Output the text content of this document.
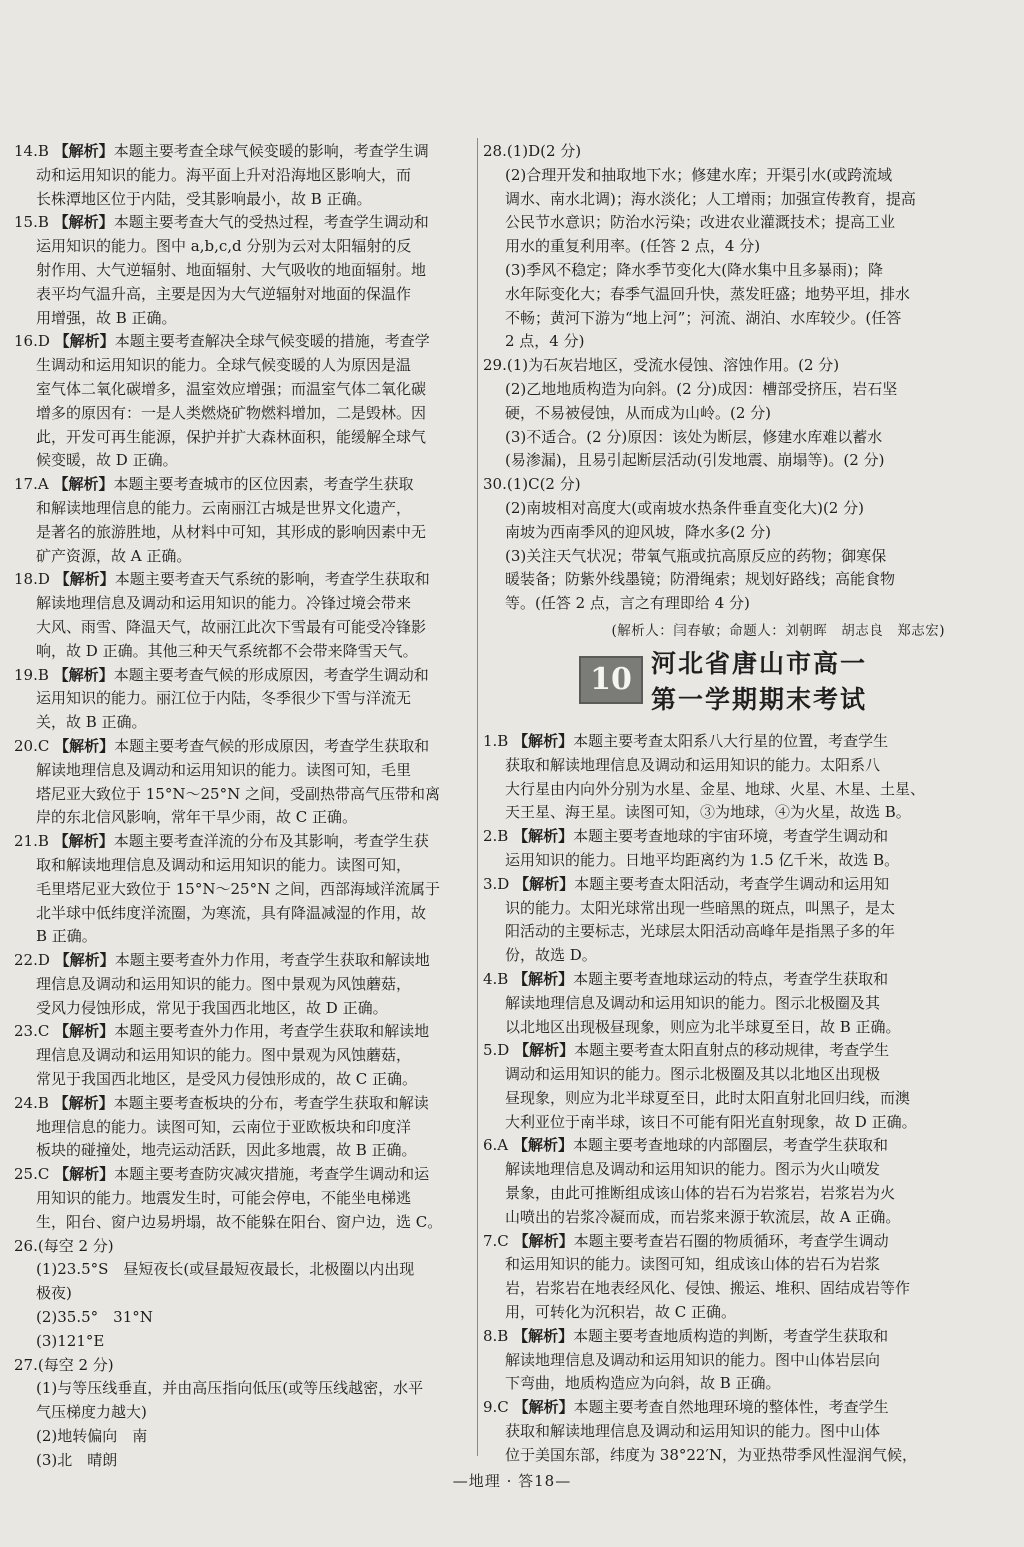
14.B 【解析】本题主要考查全球气候变暖的影响，考查学生调

动和运用知识的能力。海平面上升对沿海地区影响大，而

长株潭地区位于内陆，受其影响最小，故 B 正确。

15.B 【解析】本题主要考查大气的受热过程，考查学生调动和

运用知识的能力。图中 a,b,c,d 分别为云对太阳辐射的反

射作用、大气逆辐射、地面辐射、大气吸收的地面辐射。地

表平均气温升高，主要是因为大气逆辐射对地面的保温作

用增强，故 B 正确。

16.D 【解析】本题主要考查解决全球气候变暖的措施，考查学

生调动和运用知识的能力。全球气候变暖的人为原因是温

室气体二氧化碳增多，温室效应增强；而温室气体二氧化碳

增多的原因有：一是人类燃烧矿物燃料增加，二是毁林。因

此，开发可再生能源，保护并扩大森林面积，能缓解全球气

候变暖，故 D 正确。

17.A 【解析】本题主要考查城市的区位因素，考查学生获取

和解读地理信息的能力。云南丽江古城是世界文化遗产，

是著名的旅游胜地，从材料中可知，其形成的影响因素中无

矿产资源，故 A 正确。

18.D 【解析】本题主要考查天气系统的影响，考查学生获取和

解读地理信息及调动和运用知识的能力。冷锋过境会带来

大风、雨雪、降温天气，故丽江此次下雪最有可能受冷锋影

响，故 D 正确。其他三种天气系统都不会带来降雪天气。

19.B 【解析】本题主要考查气候的形成原因，考查学生调动和

运用知识的能力。丽江位于内陆，冬季很少下雪与洋流无

关，故 B 正确。

20.C 【解析】本题主要考查气候的形成原因，考查学生获取和

解读地理信息及调动和运用知识的能力。读图可知，毛里

塔尼亚大致位于 15°N～25°N 之间，受副热带高气压带和离

岸的东北信风影响，常年干旱少雨，故 C 正确。

21.B 【解析】本题主要考查洋流的分布及其影响，考查学生获

取和解读地理信息及调动和运用知识的能力。读图可知，

毛里塔尼亚大致位于 15°N～25°N 之间，西部海域洋流属于

北半球中低纬度洋流圈，为寒流，具有降温减湿的作用，故

B 正确。

22.D 【解析】本题主要考查外力作用，考查学生获取和解读地

理信息及调动和运用知识的能力。图中景观为风蚀蘑菇，

受风力侵蚀形成，常见于我国西北地区，故 D 正确。

23.C 【解析】本题主要考查外力作用，考查学生获取和解读地

理信息及调动和运用知识的能力。图中景观为风蚀蘑菇，

常见于我国西北地区，是受风力侵蚀形成的，故 C 正确。

24.B 【解析】本题主要考查板块的分布，考查学生获取和解读

地理信息的能力。读图可知，云南位于亚欧板块和印度洋

板块的碰撞处，地壳运动活跃，因此多地震，故 B 正确。

25.C 【解析】本题主要考查防灾减灾措施，考查学生调动和运

用知识的能力。地震发生时，可能会停电，不能坐电梯逃

生，阳台、窗户边易坍塌，故不能躲在阳台、窗户边，选 C。

26.(每空 2 分)

(1)23.5°S　昼短夜长(或昼最短夜最长，北极圈以内出现

极夜)

(2)35.5°　31°N

(3)121°E

27.(每空 2 分)

(1)与等压线垂直，并由高压指向低压(或等压线越密，水平

气压梯度力越大)

(2)地转偏向　南

(3)北　晴朗

28.(1)D(2 分)

(2)合理开发和抽取地下水；修建水库；开渠引水(或跨流域

调水、南水北调)；海水淡化；人工增雨；加强宣传教育，提高

公民节水意识；防治水污染；改进农业灌溉技术；提高工业

用水的重复利用率。(任答 2 点，4 分)

(3)季风不稳定；降水季节变化大(降水集中且多暴雨)；降

水年际变化大；春季气温回升快，蒸发旺盛；地势平坦，排水

不畅；黄河下游为“地上河”；河流、湖泊、水库较少。(任答

2 点，4 分)

29.(1)为石灰岩地区，受流水侵蚀、溶蚀作用。(2 分)

(2)乙地地质构造为向斜。(2 分)成因：槽部受挤压，岩石坚

硬，不易被侵蚀，从而成为山岭。(2 分)

(3)不适合。(2 分)原因：该处为断层，修建水库难以蓄水

(易渗漏)，且易引起断层活动(引发地震、崩塌等)。(2 分)

30.(1)C(2 分)

(2)南坡相对高度大(或南坡水热条件垂直变化大)(2 分)

南坡为西南季风的迎风坡，降水多(2 分)

(3)关注天气状况；带氧气瓶或抗高原反应的药物；御寒保

暖装备；防紫外线墨镜；防滑绳索；规划好路线；高能食物

等。(任答 2 点，言之有理即给 4 分)

(解析人：闫春敏；命题人：刘朝晖　胡志良　郑志宏)

10 河北省唐山市高一
第一学期期末考试

1.B 【解析】本题主要考查太阳系八大行星的位置，考查学生

获取和解读地理信息及调动和运用知识的能力。太阳系八

大行星由内向外分别为水星、金星、地球、火星、木星、土星、

天王星、海王星。读图可知，③为地球，④为火星，故选 B。

2.B 【解析】本题主要考查地球的宇宙环境，考查学生调动和

运用知识的能力。日地平均距离约为 1.5 亿千米，故选 B。

3.D 【解析】本题主要考查太阳活动，考查学生调动和运用知

识的能力。太阳光球常出现一些暗黑的斑点，叫黑子，是太

阳活动的主要标志，光球层太阳活动高峰年是指黑子多的年

份，故选 D。

4.B 【解析】本题主要考查地球运动的特点，考查学生获取和

解读地理信息及调动和运用知识的能力。图示北极圈及其

以北地区出现极昼现象，则应为北半球夏至日，故 B 正确。

5.D 【解析】本题主要考查太阳直射点的移动规律，考查学生

调动和运用知识的能力。图示北极圈及其以北地区出现极

昼现象，则应为北半球夏至日，此时太阳直射北回归线，而澳

大利亚位于南半球，该日不可能有阳光直射现象，故 D 正确。

6.A 【解析】本题主要考查地球的内部圈层，考查学生获取和

解读地理信息及调动和运用知识的能力。图示为火山喷发

景象，由此可推断组成该山体的岩石为岩浆岩，岩浆岩为火

山喷出的岩浆冷凝而成，而岩浆来源于软流层，故 A 正确。

7.C 【解析】本题主要考查岩石圈的物质循环，考查学生调动

和运用知识的能力。读图可知，组成该山体的岩石为岩浆

岩，岩浆岩在地表经风化、侵蚀、搬运、堆积、固结成岩等作

用，可转化为沉积岩，故 C 正确。

8.B 【解析】本题主要考查地质构造的判断，考查学生获取和

解读地理信息及调动和运用知识的能力。图中山体岩层向

下弯曲，地质构造应为向斜，故 B 正确。

9.C 【解析】本题主要考查自然地理环境的整体性，考查学生

获取和解读地理信息及调动和运用知识的能力。图中山体

位于美国东部，纬度为 38°22′N，为亚热带季风性湿润气候，

—地理 · 答18—
